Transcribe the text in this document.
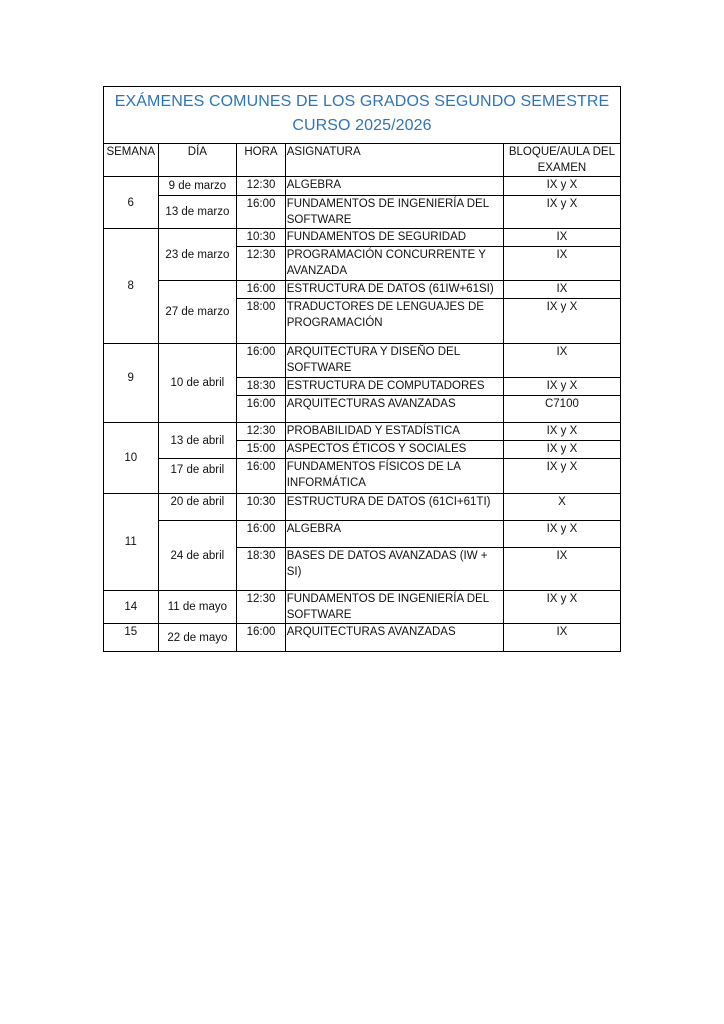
EXÁMENES COMUNES DE LOS GRADOS SEGUNDO SEMESTRE
CURSO 2025/2026
SEMANA	DÍA	HORA	ASIGNATURA	BLOQUE/AULA DEL EXAMEN
6	9 de marzo	12:30	ALGEBRA	IX y X
	13 de marzo	16:00	FUNDAMENTOS DE INGENIERÍA DEL SOFTWARE	IX y X
8	23 de marzo	10:30	FUNDAMENTOS DE SEGURIDAD	IX
		12:30	PROGRAMACIÓN CONCURRENTE Y AVANZADA	IX
	27 de marzo	16:00	ESTRUCTURA DE DATOS (61IW+61SI)	IX
		18:00	TRADUCTORES DE LENGUAJES DE PROGRAMACIÓN	IX y X
9	10 de abril	16:00	ARQUITECTURA Y DISEÑO DEL SOFTWARE	IX
		18:30	ESTRUCTURA DE COMPUTADORES	IX y X
		16:00	ARQUITECTURAS AVANZADAS	C7100
10	13 de abril	12:30	PROBABILIDAD Y ESTADÍSTICA	IX y X
		15:00	ASPECTOS ÉTICOS Y SOCIALES	IX y X
	17 de abril	16:00	FUNDAMENTOS FÍSICOS DE LA INFORMÁTICA	IX y X
11	20 de abril	10:30	ESTRUCTURA DE DATOS (61CI+61TI)	X
	24 de abril	16:00	ALGEBRA	IX y X
		18:30	BASES DE DATOS AVANZADAS (IW + SI)	IX
14	11 de mayo	12:30	FUNDAMENTOS DE INGENIERÍA DEL SOFTWARE	IX y X
15	22 de mayo	16:00	ARQUITECTURAS AVANZADAS	IX
